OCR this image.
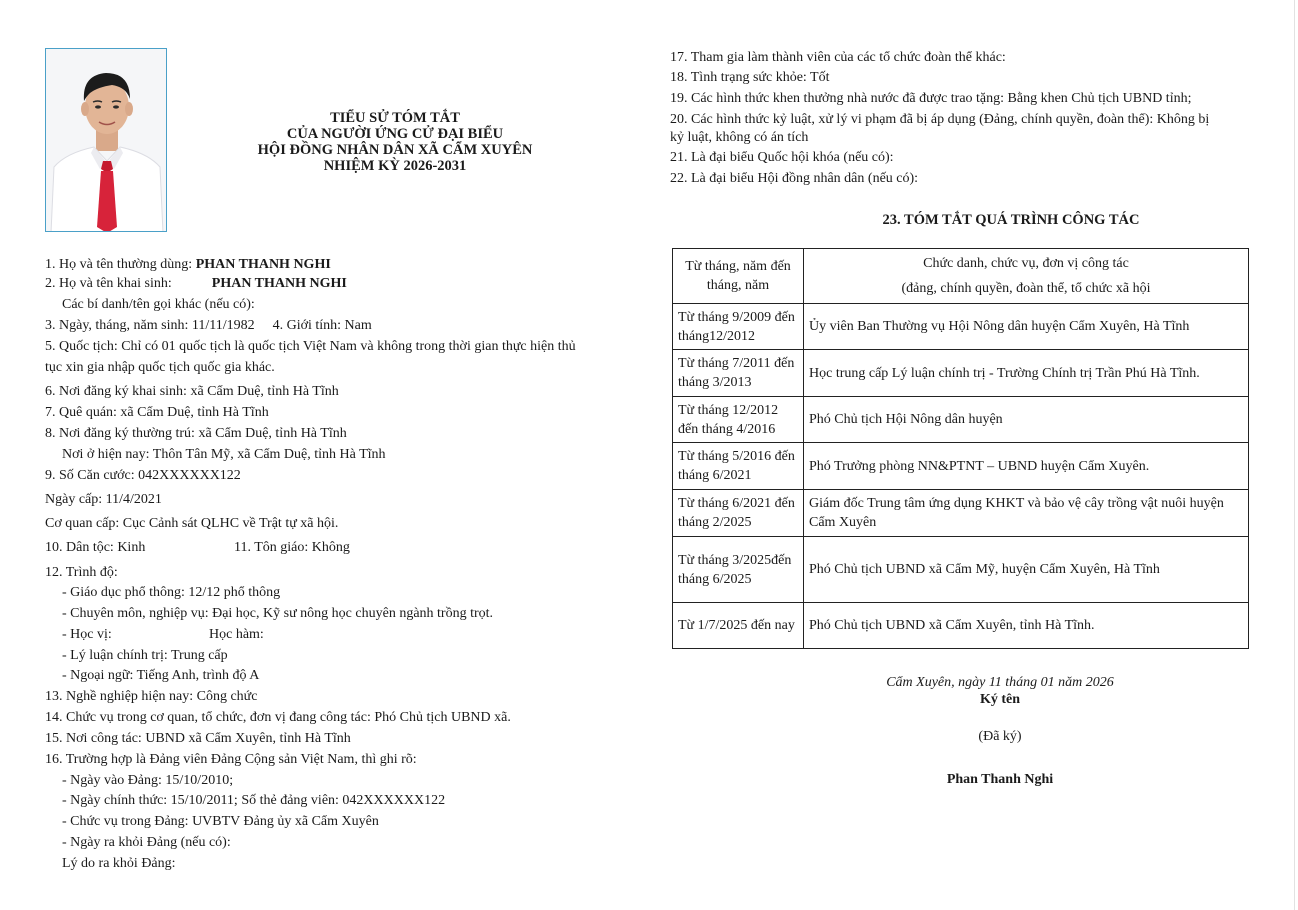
TIỂU SỬ TÓM TẮT
CỦA NGƯỜI ỨNG CỬ ĐẠI BIỂU
HỘI ĐỒNG NHÂN DÂN XÃ CẨM XUYÊN
NHIỆM KỲ 2026-2031
1. Họ và tên thường dùng: PHAN THANH NGHI
2. Họ và tên khai sinh:	PHAN THANH NGHI
Các bí danh/tên gọi khác (nếu có):
3. Ngày, tháng, năm sinh: 11/11/1982 4. Giới tính: Nam
5. Quốc tịch: Chỉ có 01 quốc tịch là quốc tịch Việt Nam và không trong thời gian thực hiện thủ
tục xin gia nhập quốc tịch quốc gia khác.
6. Nơi đăng ký khai sinh: xã Cẩm Duệ, tỉnh Hà Tĩnh
7. Quê quán: xã Cẩm Duệ, tỉnh Hà Tĩnh
8. Nơi đăng ký thường trú: xã Cẩm Duệ, tỉnh Hà Tĩnh
Nơi ở hiện nay: Thôn Tân Mỹ, xã Cẩm Duệ, tỉnh Hà Tĩnh
9. Số Căn cước: 042XXXXXX122
Ngày cấp: 11/4/2021
Cơ quan cấp: Cục Cảnh sát QLHC về Trật tự xã hội.
10. Dân tộc: Kinh	11. Tôn giáo: Không
12. Trình độ:
- Giáo dục phổ thông: 12/12 phổ thông
- Chuyên môn, nghiệp vụ: Đại học, Kỹ sư nông học chuyên ngành trồng trọt.
- Học vị:	Học hàm:
- Lý luận chính trị: Trung cấp
- Ngoại ngữ: Tiếng Anh, trình độ A
13. Nghề nghiệp hiện nay: Công chức
14. Chức vụ trong cơ quan, tổ chức, đơn vị đang công tác: Phó Chủ tịch UBND xã.
15. Nơi công tác: UBND xã Cẩm Xuyên, tỉnh Hà Tĩnh
16. Trường hợp là Đảng viên Đảng Cộng sản Việt Nam, thì ghi rõ:
- Ngày vào Đảng: 15/10/2010;
- Ngày chính thức: 15/10/2011; Số thẻ đảng viên: 042XXXXXX122
- Chức vụ trong Đảng: UVBTV Đảng ủy xã Cẩm Xuyên
- Ngày ra khỏi Đảng (nếu có):
Lý do ra khỏi Đảng:
17. Tham gia làm thành viên của các tổ chức đoàn thể khác:
18. Tình trạng sức khỏe: Tốt
19. Các hình thức khen thưởng nhà nước đã được trao tặng: Bằng khen Chủ tịch UBND tỉnh;
20. Các hình thức kỷ luật, xử lý vi phạm đã bị áp dụng (Đảng, chính quyền, đoàn thể): Không bị
kỷ luật, không có án tích
21. Là đại biểu Quốc hội khóa (nếu có):
22. Là đại biểu Hội đồng nhân dân (nếu có):
23. TÓM TẮT QUÁ TRÌNH CÔNG TÁC
Từ tháng, năm đến tháng, năm	Chức danh, chức vụ, đơn vị công tác
(đảng, chính quyền, đoàn thể, tổ chức xã hội

Từ tháng 9/2009 đến tháng12/2012	Ủy viên Ban Thường vụ Hội Nông dân huyện Cẩm Xuyên, Hà Tĩnh
Từ tháng 7/2011 đến tháng 3/2013	Học trung cấp Lý luận chính trị - Trường Chính trị Trần Phú Hà Tĩnh.
Từ tháng 12/2012 đến tháng 4/2016	Phó Chủ tịch Hội Nông dân huyện
Từ tháng 5/2016 đến tháng 6/2021	Phó Trưởng phòng NN&PTNT – UBND huyện Cẩm Xuyên.
Từ tháng 6/2021 đến tháng 2/2025	Giám đốc Trung tâm ứng dụng KHKT và bảo vệ cây trồng vật nuôi huyện Cẩm Xuyên
Từ tháng 3/2025đến tháng 6/2025	Phó Chủ tịch UBND xã Cẩm Mỹ, huyện Cẩm Xuyên, Hà Tĩnh
Từ 1/7/2025 đến nay	Phó Chủ tịch UBND xã Cẩm Xuyên, tỉnh Hà Tĩnh.
Cẩm Xuyên, ngày 11 tháng 01 năm 2026
Ký tên
(Đã ký)
Phan Thanh Nghi
